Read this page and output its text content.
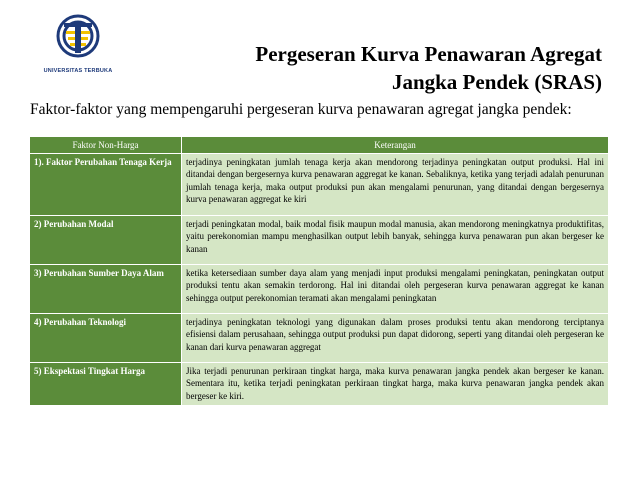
UNIVERSITAS TERBUKA
Pergeseran Kurva Penawaran Agregat
Jangka Pendek (SRAS)
Faktor-faktor yang mempengaruhi pergeseran kurva penawaran agregat jangka pendek:
Faktor Non-Harga	Keterangan
1). Faktor Perubahan Tenaga Kerja	terjadinya peningkatan jumlah tenaga kerja akan mendorong terjadinya peningkatan output produksi. Hal ini ditandai dengan bergesernya kurva penawaran aggregat ke kanan. Sebaliknya, ketika yang terjadi adalah penurunan jumlah tenaga kerja, maka output produksi pun akan mengalami penurunan, yang ditandai dengan bergesernya kurva penawaran aggregat ke kiri
2) Perubahan Modal	terjadi peningkatan modal, baik modal fisik maupun modal manusia, akan mendorong meningkatnya produktifitas, yaitu perekonomian mampu menghasilkan output lebih banyak, sehingga kurva penawaran pun akan bergeser ke kanan
3) Perubahan Sumber Daya Alam	ketika ketersediaan sumber daya alam yang menjadi input produksi mengalami peningkatan, peningkatan output produksi tentu akan semakin terdorong. Hal ini ditandai oleh pergeseran kurva penawaran aggregat ke kanan sehingga output perekonomian teramati akan mengalami peningkatan
4) Perubahan Teknologi	terjadinya peningkatan teknologi yang digunakan dalam proses produksi tentu akan mendorong terciptanya efisiensi dalam perusahaan, sehingga output produksi pun dapat didorong, seperti yang ditandai oleh pergeseran ke kanan dari kurva penawaran aggregat
5) Ekspektasi Tingkat Harga	Jika terjadi penurunan perkiraan tingkat harga, maka kurva penawaran jangka pendek akan bergeser ke kanan. Sementara itu, ketika terjadi peningkatan perkiraan tingkat harga, maka kurva penawaran jangka pendek akan bergeser ke kiri.
